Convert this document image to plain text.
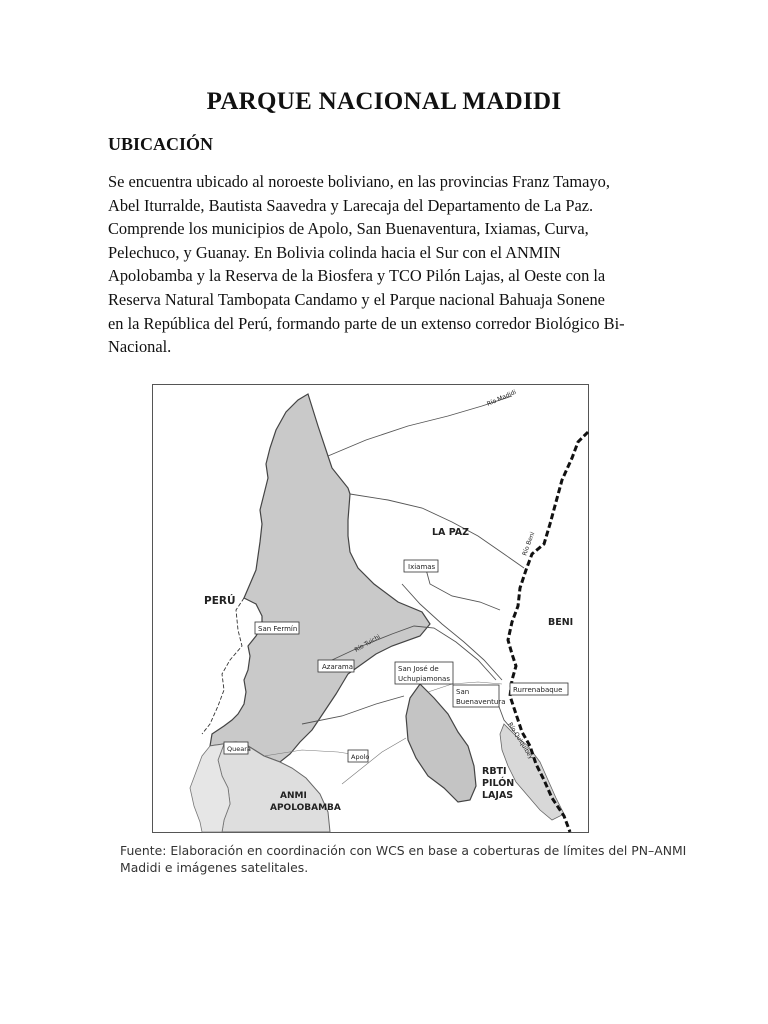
PARQUE NACIONAL MADIDI
UBICACIÓN
Se encuentra ubicado al noroeste boliviano, en las provincias Franz Tamayo,
Abel Iturralde, Bautista Saavedra y Larecaja del Departamento de La Paz.
Comprende los municipios de Apolo, San Buenaventura, Ixiamas, Curva,
Pelechuco, y Guanay. En Bolivia colinda hacia el Sur con el ANMIN
Apolobamba y la Reserva de la Biosfera y TCO Pilón Lajas, al Oeste con la
Reserva Natural Tambopata Candamo y el Parque nacional Bahuaja Sonene
en la República del Perú, formando parte de un extenso corredor Biológico Bi-
Nacional.
PERÚ
LA PAZ
BENI
Ixiamas
San Fermín
Azarama	San José de
Uchupiamonas
San
Buenaventura
Rurrenabaque
Queara
Apolo
ANMI
APOLOBAMBA
RBTI
PILÓN
LAJAS
Río Madidi
Río Beni
Río Tuichi
Río Quiquibey
Fuente: Elaboración en coordinación con WCS en base a coberturas de límites del PN–ANMI
Madidi e imágenes satelitales.
